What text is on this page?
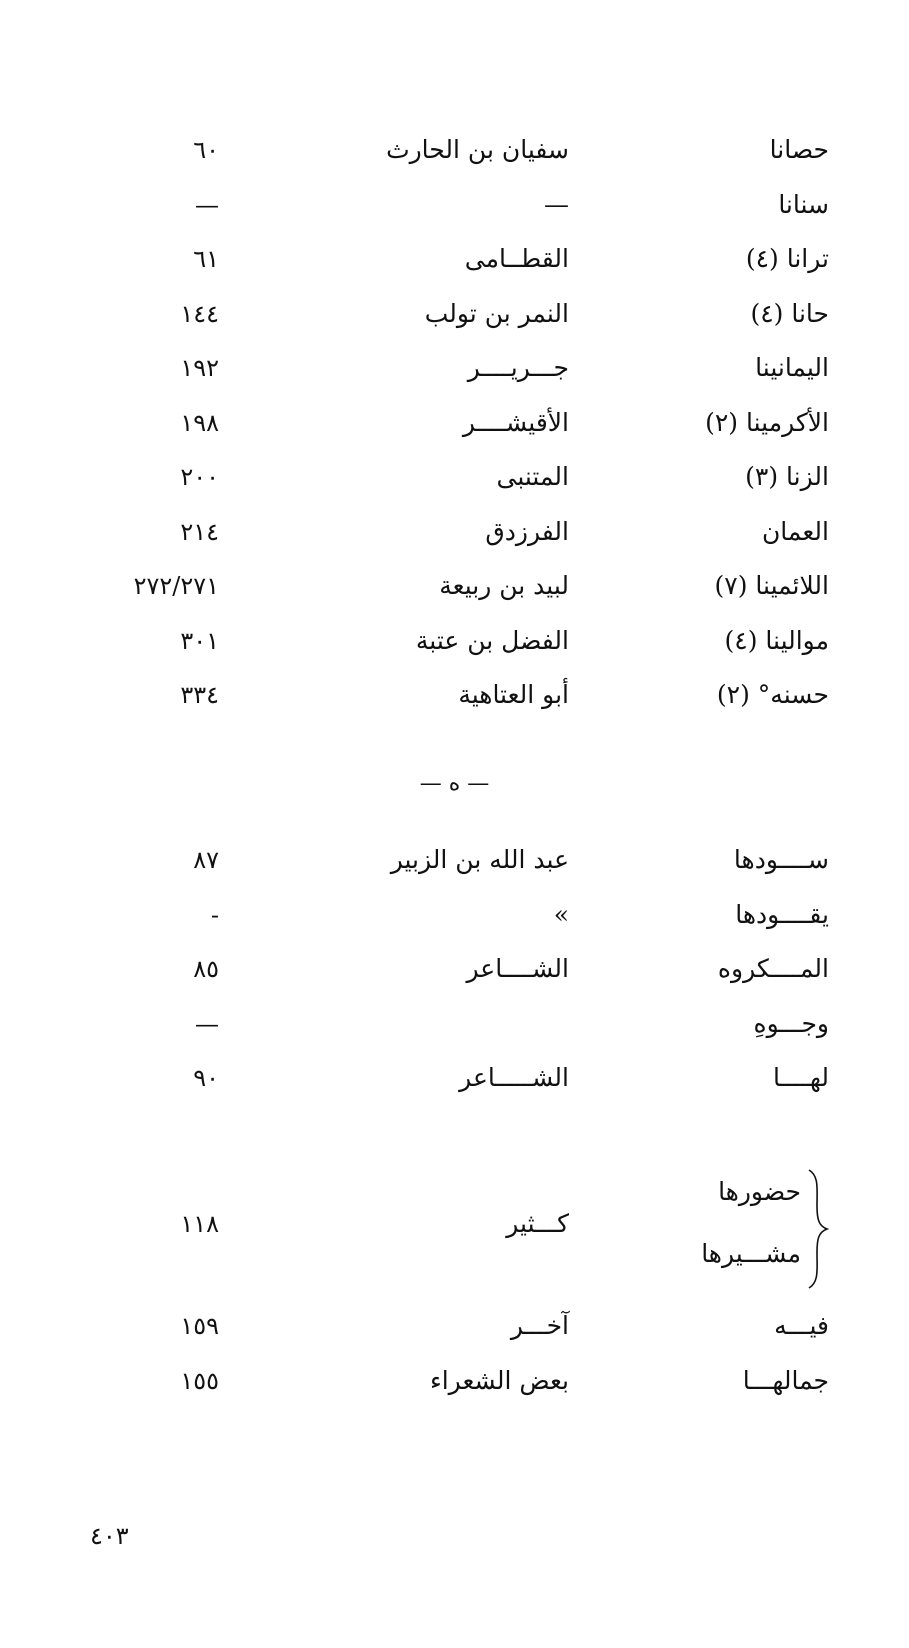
حصانا
سفيان بن الحارث
٦٠
سنانا
—
—
ترانا (٤)
القطــامى
٦١
حانا (٤)
النمر بن تولب
١٤٤
اليمانينا
جـــريــــر
١٩٢
الأكرمينا (٢)
الأقيشــــر
١٩٨
الزنا (٣)
المتنبى
٢٠٠
العمان
الفرزدق
٢١٤
اللائمينا (٧)
لبيد بن ربيعة
٢٧٢/٢٧١
موالينا (٤)
الفضل بن عتبة
٣٠١
حسنه° (٢)
أبو العتاهية
٣٣٤
— ه —
ســــودها
عبد الله بن الزبير
٨٧
يقــــودها
»
-
المــــكروه
الشــــاعر
٨٥
وجـــوهِ
—
لهــــا
الشـــــاعر
٩٠
حضورها
مشـــيرها
كـــثير
١١٨
فيـــه
آخـــر
١٥٩
جمالهـــا
بعض الشعراء
١٥٥
٤٠٣
